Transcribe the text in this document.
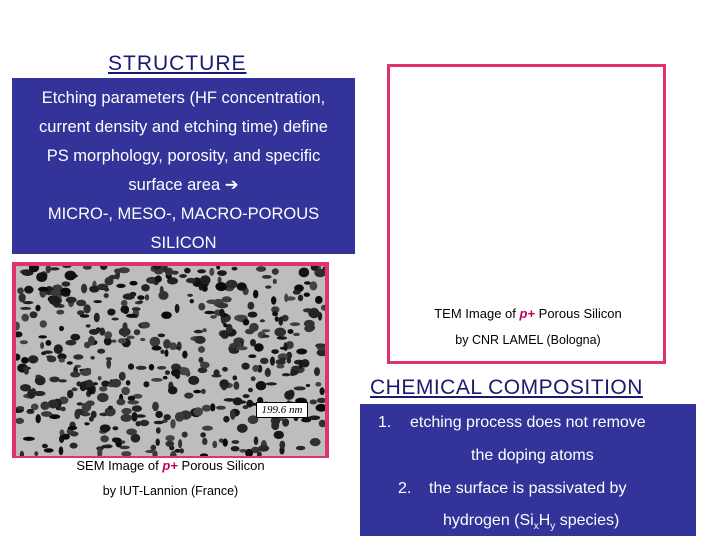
STRUCTURE
Etching parameters (HF concentration,
current density and etching time) define
PS morphology, porosity, and specific
surface area ➔
MICRO-, MESO-, MACRO-POROUS
SILICON
TEM Image of p+ Porous Silicon
by CNR LAMEL (Bologna)
199.6 nm
SEM Image of p+ Porous Silicon
by IUT-Lannion (France)
CHEMICAL COMPOSITION
1. etching process does not remove
the doping atoms
2. the surface is passivated by
hydrogen ($Si_xH_y$ species)
